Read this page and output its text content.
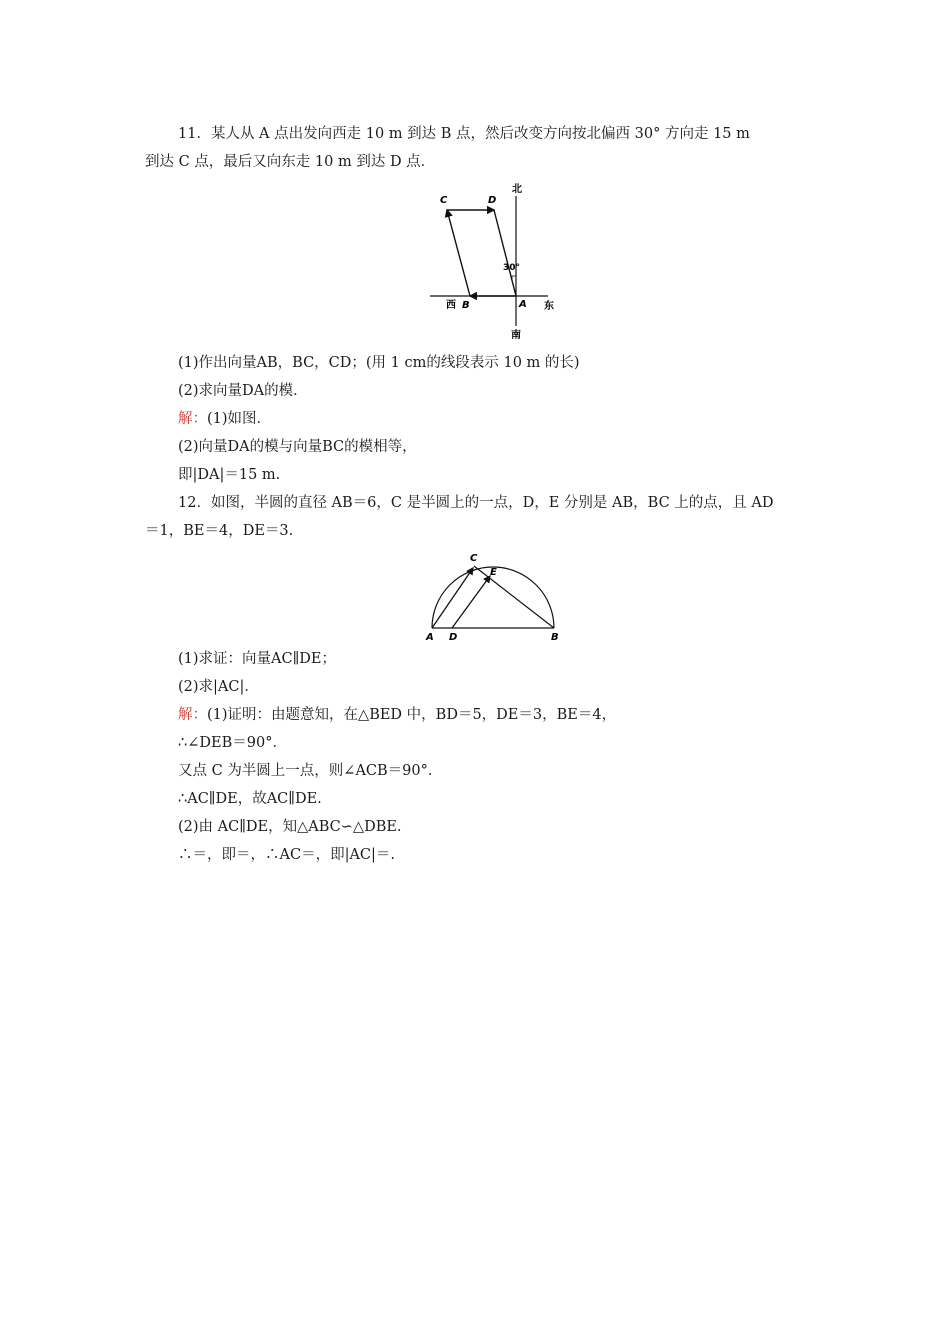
11．某人从 A 点出发向西走 10 m 到达 B 点，然后改变方向按北偏西 30° 方向走 15 m
到达 C 点，最后又向东走 10 m 到达 D 点．
北
南
西	东
C	D
B	A
30°
(1)作出向量AB，BC，CD；(用 1 cm的线段表示 10 m 的长)
(2)求向量DA的模．
解：(1)如图．
(2)向量DA的模与向量BC的模相等，
即|DA|＝15 m.
12．如图，半圆的直径 AB＝6，C 是半圆上的一点，D，E 分别是 AB，BC 上的点，且 AD
＝1，BE＝4，DE＝3.
C
E
A D	B
(1)求证：向量AC∥DE；
(2)求|AC|．
解：(1)证明：由题意知，在△BED 中，BD＝5，DE＝3，BE＝4，
∴∠DEB＝90°．
又点 C 为半圆上一点，则∠ACB＝90°．
∴AC∥DE，故AC∥DE.
(2)由 AC∥DE，知△ABC∽△DBE.
∴＝，即＝，∴AC＝，即|AC|＝.
